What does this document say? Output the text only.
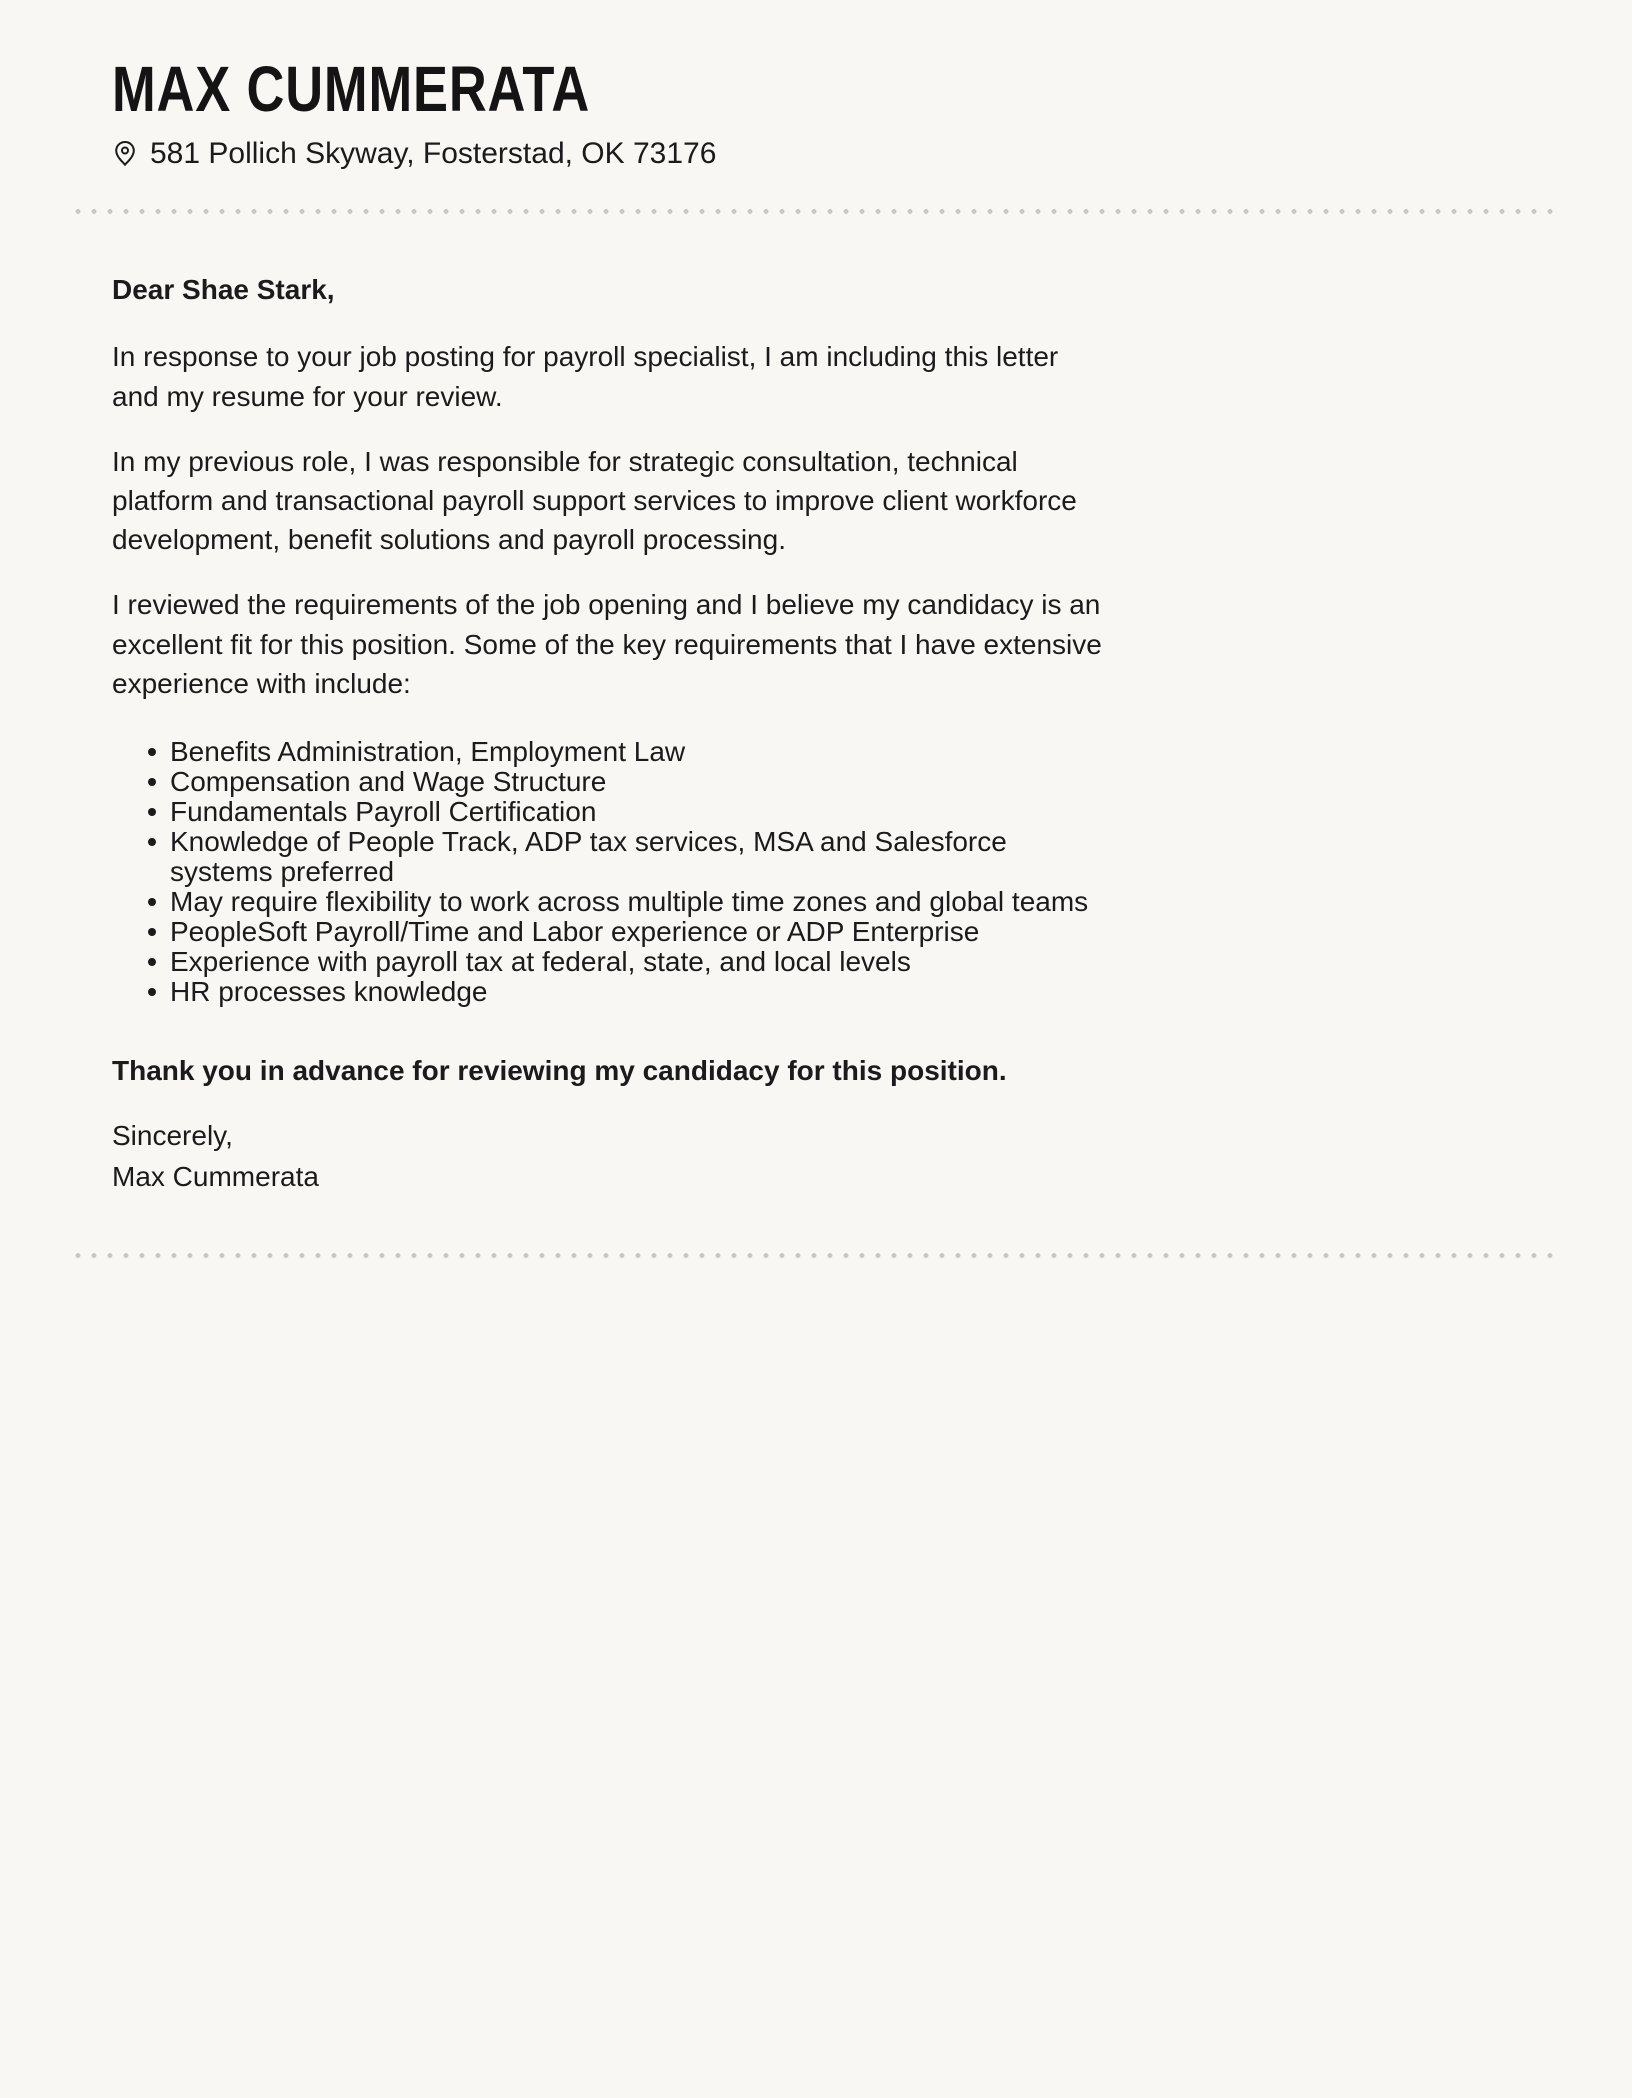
MAX CUMMERATA
581 Pollich Skyway, Fosterstad, OK 73176

Dear Shae Stark,

In response to your job posting for payroll specialist, I am including this letter and my resume for your review.

In my previous role, I was responsible for strategic consultation, technical platform and transactional payroll support services to improve client workforce development, benefit solutions and payroll processing.

I reviewed the requirements of the job opening and I believe my candidacy is an excellent fit for this position. Some of the key requirements that I have extensive experience with include:

Benefits Administration, Employment Law
Compensation and Wage Structure
Fundamentals Payroll Certification
Knowledge of People Track, ADP tax services, MSA and Salesforce systems preferred
May require flexibility to work across multiple time zones and global teams
PeopleSoft Payroll/Time and Labor experience or ADP Enterprise
Experience with payroll tax at federal, state, and local levels
HR processes knowledge

Thank you in advance for reviewing my candidacy for this position.

Sincerely,
Max Cummerata
